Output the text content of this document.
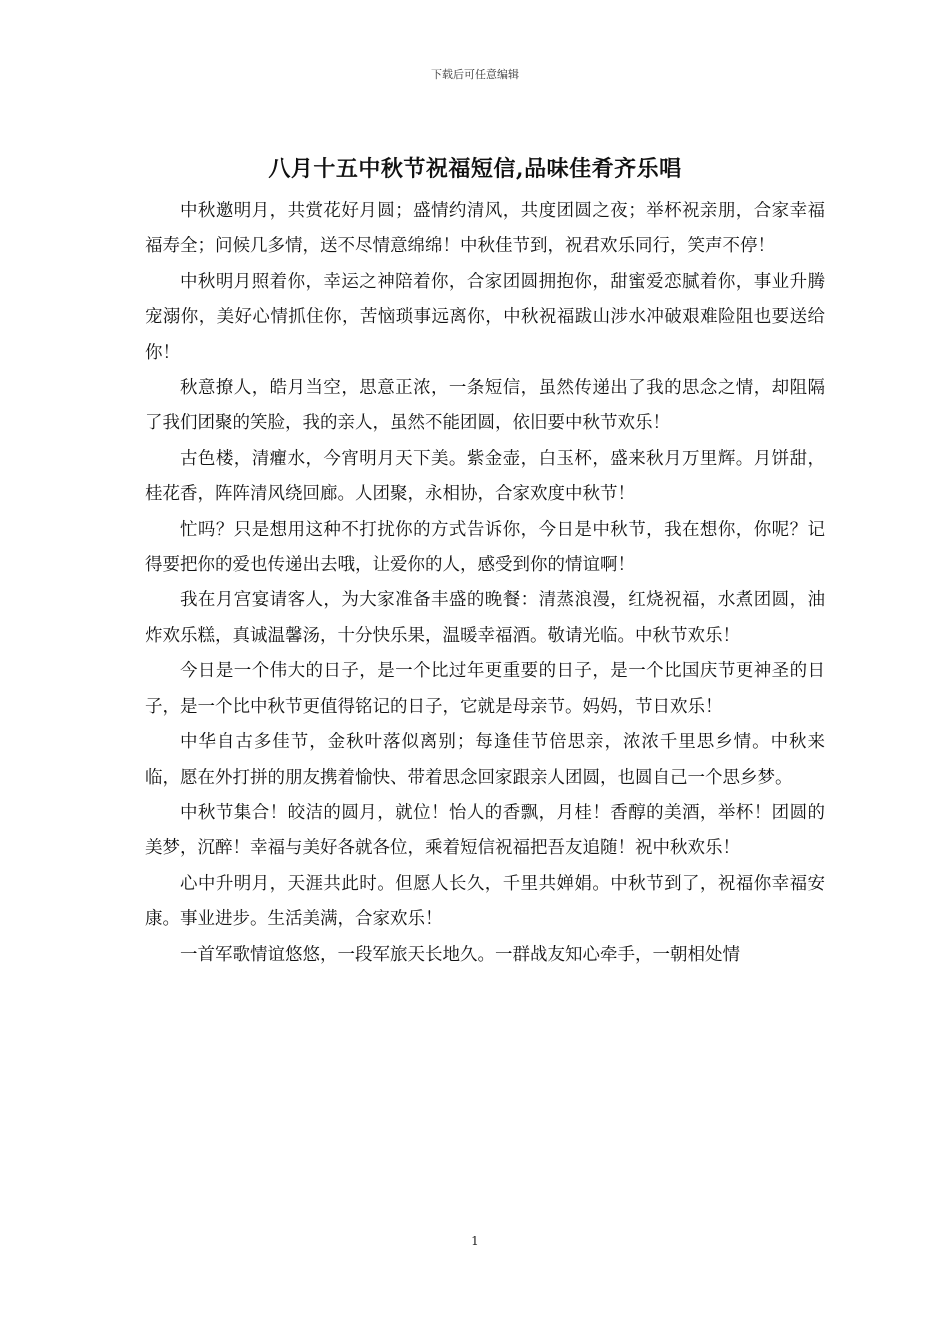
下载后可任意编辑
八月十五中秋节祝福短信,品味佳肴齐乐唱

中秋邀明月，共赏花好月圆；盛情约清风，共度团圆之夜；举杯祝亲朋，合家幸福福寿全；问候几多情，送不尽情意绵绵！中秋佳节到，祝君欢乐同行，笑声不停！

中秋明月照着你，幸运之神陪着你，合家团圆拥抱你，甜蜜爱恋腻着你，事业升腾宠溺你，美好心情抓住你，苦恼琐事远离你，中秋祝福跋山涉水冲破艰难险阻也要送给你！

秋意撩人，皓月当空，思意正浓，一条短信，虽然传递出了我的思念之情，却阻隔了我们团聚的笑脸，我的亲人，虽然不能团圆，依旧要中秋节欢乐！

古色楼，清癯水，今宵明月天下美。紫金壶，白玉杯，盛来秋月万里辉。月饼甜，桂花香，阵阵清风绕回廊。人团聚，永相协，合家欢度中秋节！

忙吗？只是想用这种不打扰你的方式告诉你，今日是中秋节，我在想你，你呢？记得要把你的爱也传递出去哦，让爱你的人，感受到你的情谊啊！

我在月宫宴请客人，为大家准备丰盛的晚餐：清蒸浪漫，红烧祝福，水煮团圆，油炸欢乐糕，真诚温馨汤，十分快乐果，温暖幸福酒。敬请光临。中秋节欢乐！

今日是一个伟大的日子，是一个比过年更重要的日子，是一个比国庆节更神圣的日子，是一个比中秋节更值得铭记的日子，它就是母亲节。妈妈，节日欢乐！

中华自古多佳节，金秋叶落似离别；每逢佳节倍思亲，浓浓千里思乡情。中秋来临，愿在外打拼的朋友携着愉快、带着思念回家跟亲人团圆，也圆自己一个思乡梦。

中秋节集合！皎洁的圆月，就位！怡人的香飘，月桂！香醇的美酒，举杯！团圆的美梦，沉醉！幸福与美好各就各位，乘着短信祝福把吾友追随！祝中秋欢乐！

心中升明月，天涯共此时。但愿人长久，千里共婵娟。中秋节到了，祝福你幸福安康。事业进步。生活美满，合家欢乐！

一首军歌情谊悠悠，一段军旅天长地久。一群战友知心牵手，一朝相处情

1
